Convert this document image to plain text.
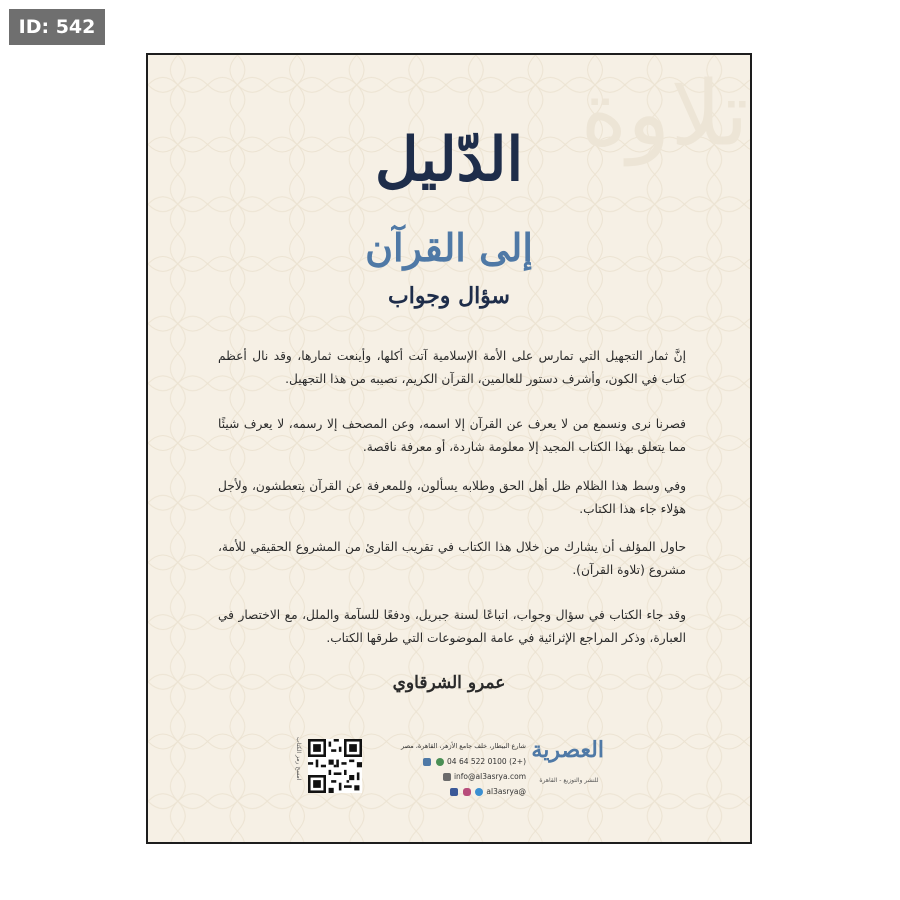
ID: 542
تلاوة
الدّليل
إلى القرآن
سؤال وجواب
إنَّ ثمار التجهيل التي تمارس على الأمة الإسلامية آتت أكلها، وأينعت ثمارها، وقد نال أعظم كتاب في الكون، وأشرف دستور للعالمين، القرآن الكريم، نصيبه من هذا التجهيل.
فصرنا نرى ونسمع من لا يعرف عن القرآن إلا اسمه، وعن المصحف إلا رسمه، لا يعرف شيئًا مما يتعلق بهذا الكتاب المجيد إلا معلومة شاردة، أو معرفة ناقصة.
وفي وسط هذا الظلام ظل أهل الحق وطلابه يسألون، وللمعرفة عن القرآن يتعطشون، ولأجل هؤلاء جاء هذا الكتاب.
حاول المؤلف أن يشارك من خلال هذا الكتاب في تقريب القارئ من المشروع الحقيقي للأمة، مشروع (تلاوة القرآن).
وقد جاء الكتاب في سؤال وجواب، اتباعًا لسنة جبريل، ودفعًا للسآمة والملل، مع الاختصار في العبارة، وذكر المراجع الإثرائية في عامة الموضوعات التي طرقها الكتاب.
عمرو الشرقاوي
امسح رمز الكتاب	شارع البيطار، خلف جامع الأزهر، القاهرة، مصر
(+2) 0100 522 64 04
info@al3asrya.com
@al3asrya
العصرية
للنشر والتوزيع - القاهرة
